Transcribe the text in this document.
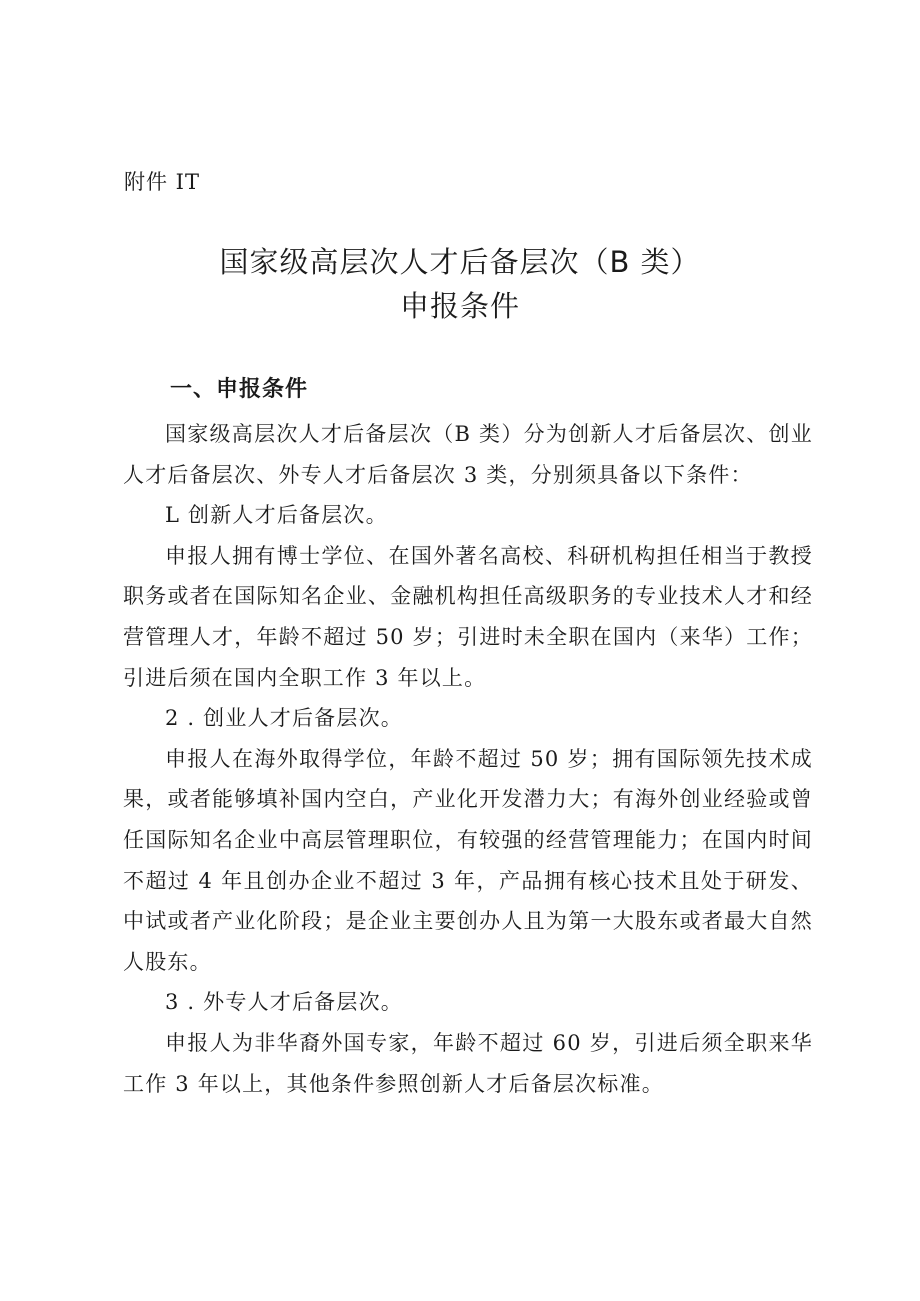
附件 IT
国家级高层次人才后备层次（B 类）
申报条件
一、申报条件

国家级高层次人才后备层次（B 类）分为创新人才后备层次、创业人才后备层次、外专人才后备层次 3 类，分别须具备以下条件：

L 创新人才后备层次。

申报人拥有博士学位、在国外著名高校、科研机构担任相当于教授职务或者在国际知名企业、金融机构担任高级职务的专业技术人才和经营管理人才，年龄不超过 50 岁；引进时未全职在国内（来华）工作；引进后须在国内全职工作 3 年以上。

2 . 创业人才后备层次。

申报人在海外取得学位，年龄不超过 50 岁；拥有国际领先技术成果，或者能够填补国内空白，产业化开发潜力大；有海外创业经验或曾任国际知名企业中高层管理职位，有较强的经营管理能力；在国内时间不超过 4 年且创办企业不超过 3 年，产品拥有核心技术且处于研发、中试或者产业化阶段；是企业主要创办人且为第一大股东或者最大自然人股东。

3 . 外专人才后备层次。

申报人为非华裔外国专家，年龄不超过 60 岁，引进后须全职来华工作 3 年以上，其他条件参照创新人才后备层次标准。
